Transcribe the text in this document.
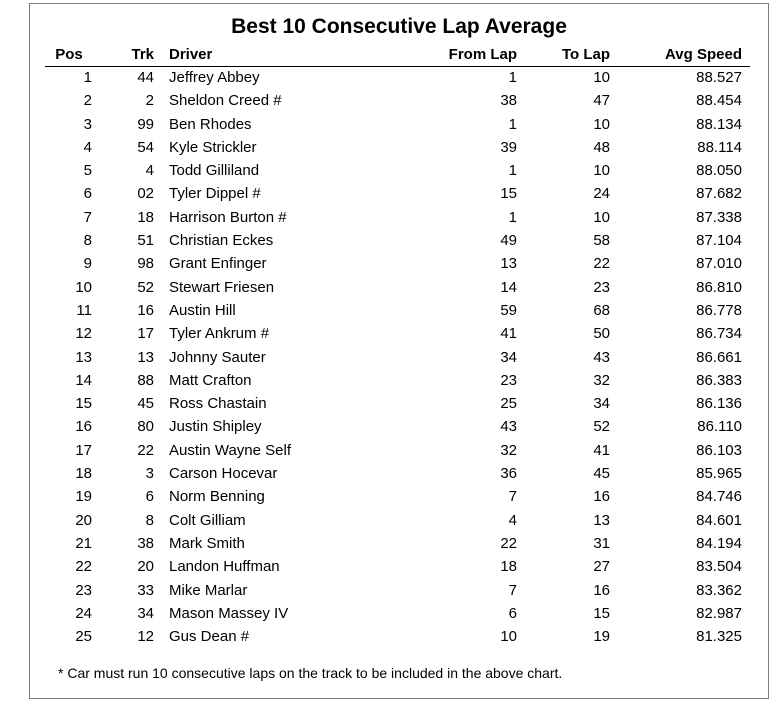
Best 10 Consecutive Lap Average
Pos	Trk Driver	From Lap	To Lap	Avg Speed
1	44 Jeffrey Abbey	1	10	88.527
2	2 Sheldon Creed #	38	47	88.454
3	99 Ben Rhodes	1	10	88.134
4	54 Kyle Strickler	39	48	88.114
5	4 Todd Gilliland	1	10	88.050
6	02 Tyler Dippel #	15	24	87.682
7	18 Harrison Burton #	1	10	87.338
8	51 Christian Eckes	49	58	87.104
9	98 Grant Enfinger	13	22	87.010
10	52 Stewart Friesen	14	23	86.810
11	16 Austin Hill	59	68	86.778
12	17 Tyler Ankrum #	41	50	86.734
13	13 Johnny Sauter	34	43	86.661
14	88 Matt Crafton	23	32	86.383
15	45 Ross Chastain	25	34	86.136
16	80 Justin Shipley	43	52	86.110
17	22 Austin Wayne Self	32	41	86.103
18	3 Carson Hocevar	36	45	85.965
19	6 Norm Benning	7	16	84.746
20	8 Colt Gilliam	4	13	84.601
21	38 Mark Smith	22	31	84.194
22	20 Landon Huffman	18	27	83.504
23	33 Mike Marlar	7	16	83.362
24	34 Mason Massey IV	6	15	82.987
25	12 Gus Dean #	10	19	81.325
* Car must run 10 consecutive laps on the track to be included in the above chart.
